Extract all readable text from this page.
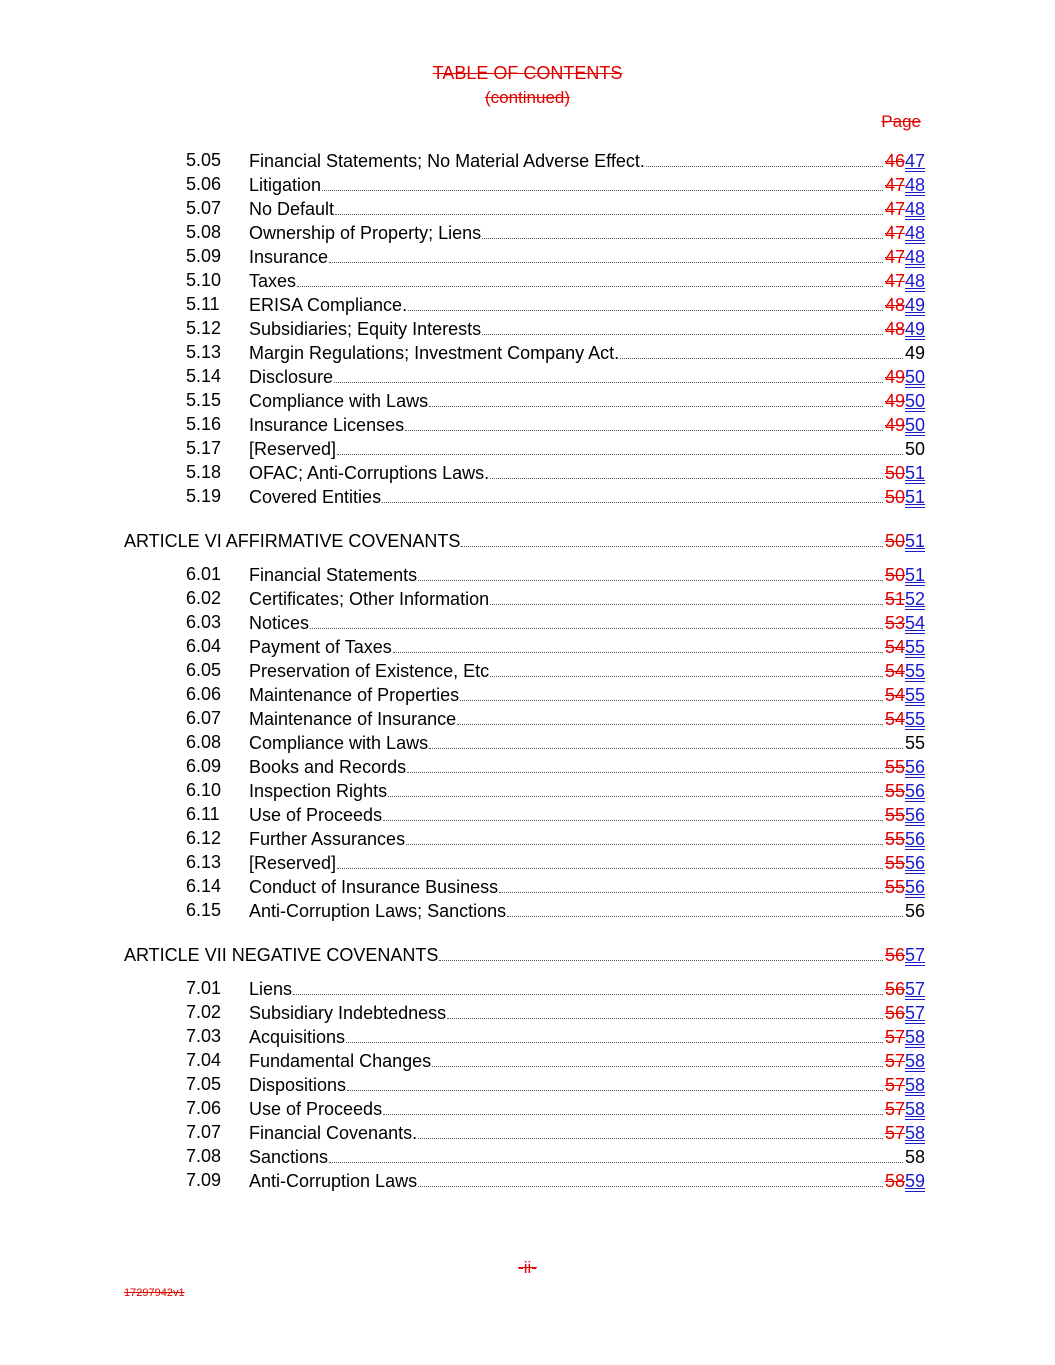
TABLE OF CONTENTS
(continued)
Page
5.05 Financial Statements; No Material Adverse Effect.	4647
5.06 Litigation	4748
5.07 No Default	4748
5.08 Ownership of Property; Liens	4748
5.09 Insurance	4748
5.10 Taxes	4748
5.11 ERISA Compliance.	4849
5.12 Subsidiaries; Equity Interests	4849
5.13 Margin Regulations; Investment Company Act.	49
5.14 Disclosure	4950
5.15 Compliance with Laws	4950
5.16 Insurance Licenses	4950
5.17 [Reserved]	50
5.18 OFAC; Anti-Corruptions Laws.	5051
5.19 Covered Entities	5051
ARTICLE VI AFFIRMATIVE COVENANTS	5051
6.01 Financial Statements	5051
6.02 Certificates; Other Information	5152
6.03 Notices	5354
6.04 Payment of Taxes	5455
6.05 Preservation of Existence, Etc	5455
6.06 Maintenance of Properties	5455
6.07 Maintenance of Insurance	5455
6.08 Compliance with Laws	55
6.09 Books and Records	5556
6.10 Inspection Rights	5556
6.11 Use of Proceeds	5556
6.12 Further Assurances	5556
6.13 [Reserved]	5556
6.14 Conduct of Insurance Business	5556
6.15 Anti-Corruption Laws; Sanctions	56
ARTICLE VII NEGATIVE COVENANTS	5657
7.01 Liens	5657
7.02 Subsidiary Indebtedness	5657
7.03 Acquisitions	5758
7.04 Fundamental Changes	5758
7.05 Dispositions	5758
7.06 Use of Proceeds	5758
7.07 Financial Covenants.	5758
7.08 Sanctions	58
7.09 Anti-Corruption Laws	5859
-ii-
17297942v1
